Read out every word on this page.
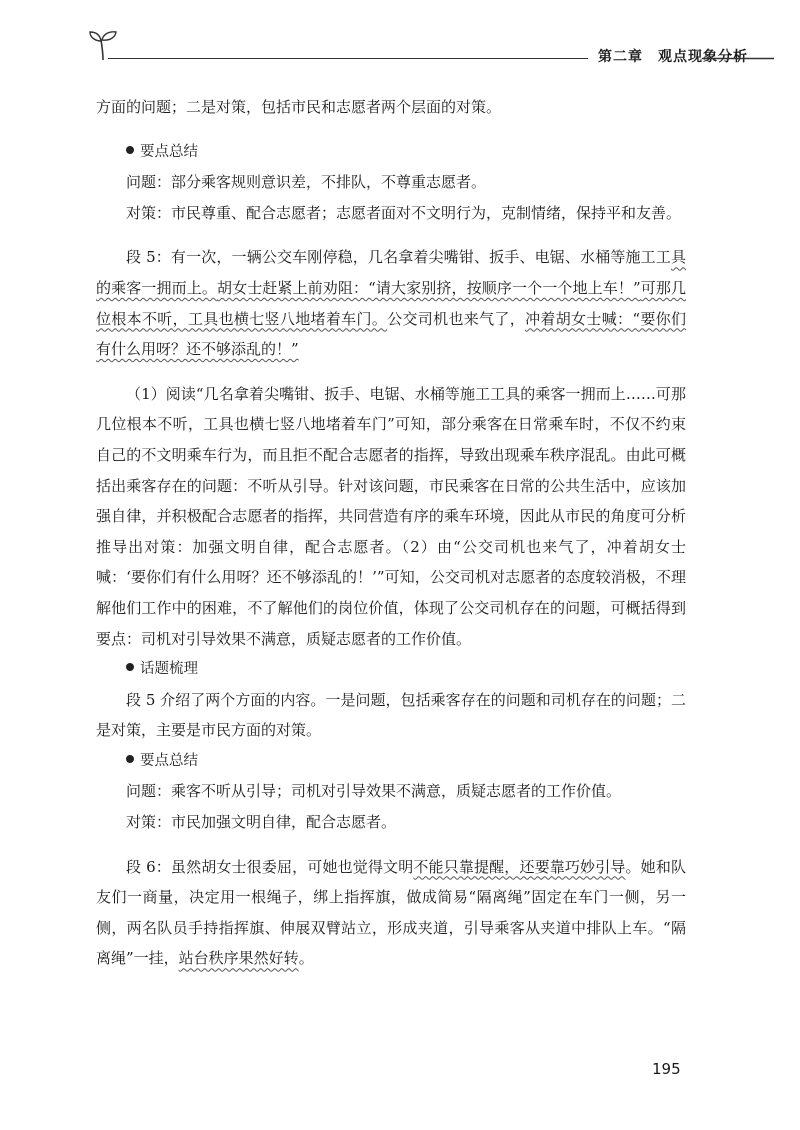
第二章　观点现象分析

方面的问题；二是对策，包括市民和志愿者两个层面的对策。

要点总结

问题：部分乘客规则意识差，不排队，不尊重志愿者。

对策：市民尊重、配合志愿者；志愿者面对不文明行为，克制情绪，保持平和友善。

段 5：有一次，一辆公交车刚停稳，几名拿着尖嘴钳、扳手、电锯、水桶等施工工具的乘客一拥而上。胡女士赶紧上前劝阻：“请大家别挤，按顺序一个一个地上车！”可那几位根本不听，工具也横七竖八地堵着车门。公交司机也来气了，冲着胡女士喊：“要你们有什么用呀？还不够添乱的！”

（1）阅读“几名拿着尖嘴钳、扳手、电锯、水桶等施工工具的乘客一拥而上……可那几位根本不听，工具也横七竖八地堵着车门”可知，部分乘客在日常乘车时，不仅不约束自己的不文明乘车行为，而且拒不配合志愿者的指挥，导致出现乘车秩序混乱。由此可概括出乘客存在的问题：不听从引导。针对该问题，市民乘客在日常的公共生活中，应该加强自律，并积极配合志愿者的指挥，共同营造有序的乘车环境，因此从市民的角度可分析推导出对策：加强文明自律，配合志愿者。（2）由“公交司机也来气了，冲着胡女士喊：‘要你们有什么用呀？还不够添乱的！’”可知，公交司机对志愿者的态度较消极，不理解他们工作中的困难，不了解他们的岗位价值，体现了公交司机存在的问题，可概括得到要点：司机对引导效果不满意，质疑志愿者的工作价值。

话题梳理

段 5 介绍了两个方面的内容。一是问题，包括乘客存在的问题和司机存在的问题；二是对策，主要是市民方面的对策。

要点总结

问题：乘客不听从引导；司机对引导效果不满意，质疑志愿者的工作价值。

对策：市民加强文明自律，配合志愿者。

段 6：虽然胡女士很委屈，可她也觉得文明不能只靠提醒，还要靠巧妙引导。她和队友们一商量，决定用一根绳子，绑上指挥旗，做成简易“隔离绳”固定在车门一侧，另一侧，两名队员手持指挥旗、伸展双臂站立，形成夹道，引导乘客从夹道中排队上车。“隔离绳”一挂，站台秩序果然好转。

195
